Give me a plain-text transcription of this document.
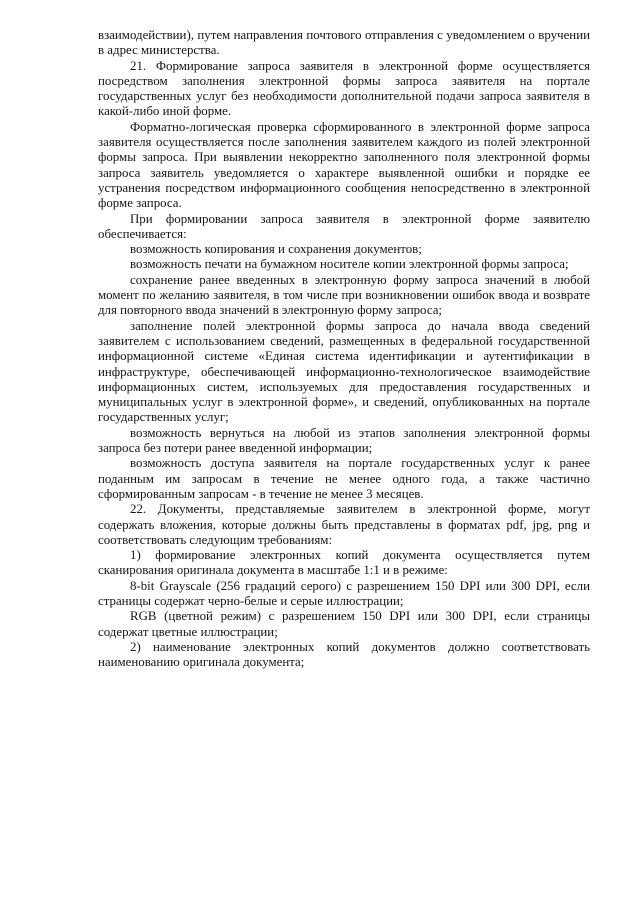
взаимодействии), путем направления почтового отправления с уведомлением о вручении в адрес министерства.

21. Формирование запроса заявителя в электронной форме осуществляется посредством заполнения электронной формы запроса заявителя на портале государственных услуг без необходимости дополнительной подачи запроса заявителя в какой-либо иной форме.

Форматно-логическая проверка сформированного в электронной форме запроса заявителя осуществляется после заполнения заявителем каждого из полей электронной формы запроса. При выявлении некорректно заполненного поля электронной формы запроса заявитель уведомляется о характере выявленной ошибки и порядке ее устранения посредством информационного сообщения непосредственно в электронной форме запроса.

При формировании запроса заявителя в электронной форме заявителю обеспечивается:

возможность копирования и сохранения документов;

возможность печати на бумажном носителе копии электронной формы запроса;

сохранение ранее введенных в электронную форму запроса значений в любой момент по желанию заявителя, в том числе при возникновении ошибок ввода и возврате для повторного ввода значений в электронную форму запроса;

заполнение полей электронной формы запроса до начала ввода сведений заявителем с использованием сведений, размещенных в федеральной государственной информационной системе «Единая система идентификации и аутентификации в инфраструктуре, обеспечивающей информационно-технологическое взаимодействие информационных систем, используемых для предоставления государственных и муниципальных услуг в электронной форме», и сведений, опубликованных на портале государственных услуг;

возможность вернуться на любой из этапов заполнения электронной формы запроса без потери ранее введенной информации;

возможность доступа заявителя на портале государственных услуг к ранее поданным им запросам в течение не менее одного года, а также частично сформированным запросам - в течение не менее 3 месяцев.

22. Документы, представляемые заявителем в электронной форме, могут содержать вложения, которые должны быть представлены в форматах pdf, jpg, png и соответствовать следующим требованиям:

1) формирование электронных копий документа осуществляется путем сканирования оригинала документа в масштабе 1:1 и в режиме:

8-bit Grayscale (256 градаций серого) с разрешением 150 DPI или 300 DPI, если страницы содержат черно-белые и серые иллюстрации;

RGB (цветной режим) с разрешением 150 DPI или 300 DPI, если страницы содержат цветные иллюстрации;

2) наименование электронных копий документов должно соответствовать наименованию оригинала документа;
